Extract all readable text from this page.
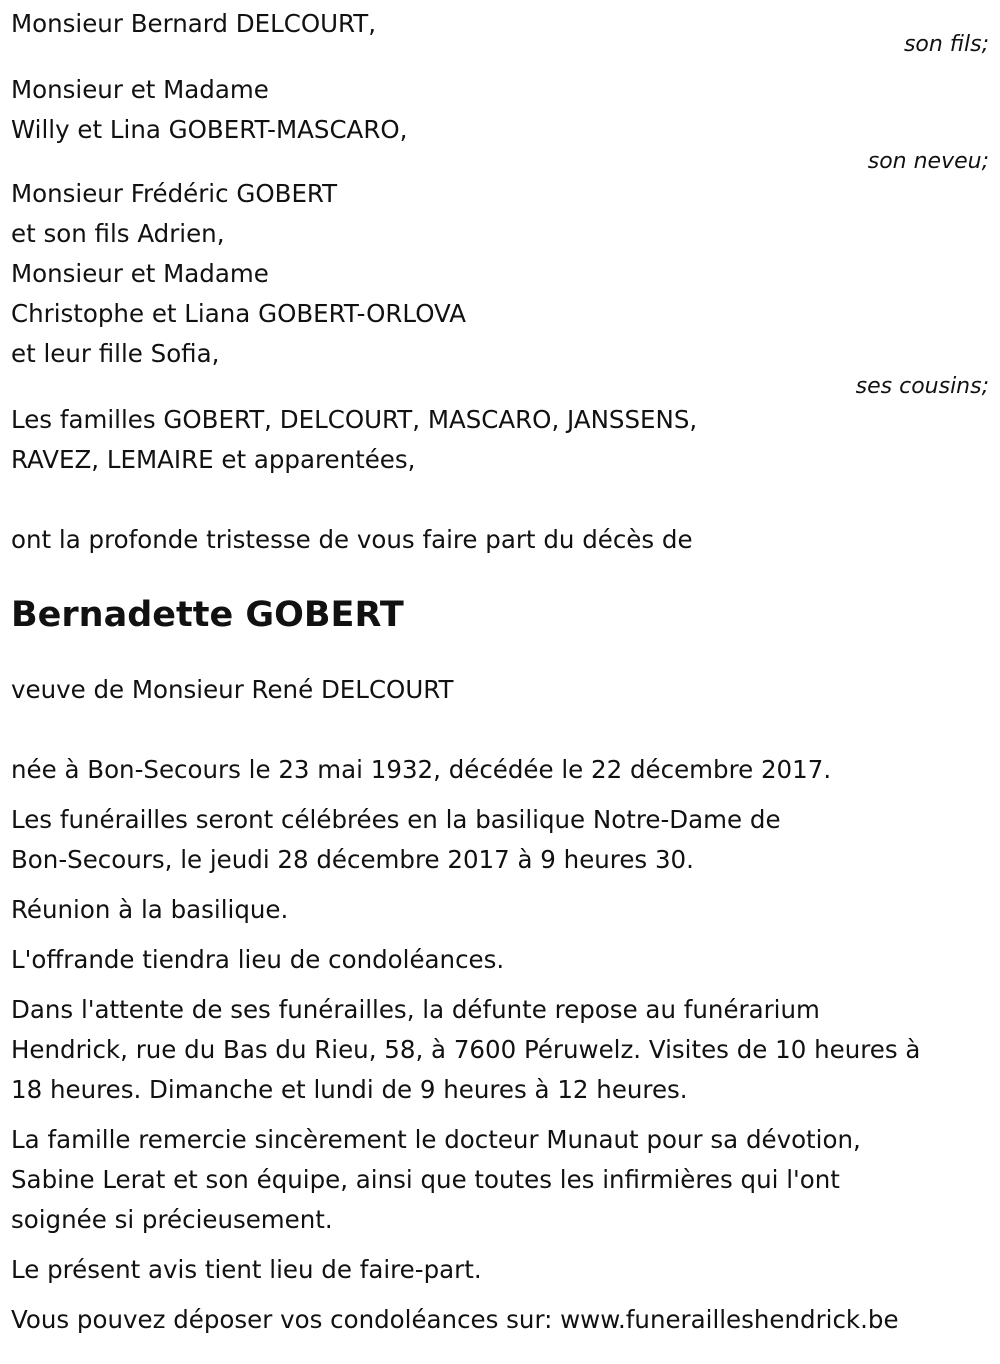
Monsieur Bernard DELCOURT,
son fils;
Monsieur et Madame
Willy et Lina GOBERT-MASCARO,
son neveu;
Monsieur Frédéric GOBERT
et son fils Adrien,
Monsieur et Madame
Christophe et Liana GOBERT-ORLOVA
et leur fille Sofia,
ses cousins;
Les familles GOBERT, DELCOURT, MASCARO, JANSSENS,
RAVEZ, LEMAIRE et apparentées,
ont la profonde tristesse de vous faire part du décès de
Bernadette GOBERT
veuve de Monsieur René DELCOURT
née à Bon-Secours le 23 mai 1932, décédée le 22 décembre 2017.
Les funérailles seront célébrées en la basilique Notre-Dame de
Bon-Secours, le jeudi 28 décembre 2017 à 9 heures 30.
Réunion à la basilique.
L'offrande tiendra lieu de condoléances.
Dans l'attente de ses funérailles, la défunte repose au funérarium
Hendrick, rue du Bas du Rieu, 58, à 7600 Péruwelz. Visites de 10 heures à
18 heures. Dimanche et lundi de 9 heures à 12 heures.
La famille remercie sincèrement le docteur Munaut pour sa dévotion,
Sabine Lerat et son équipe, ainsi que toutes les infirmières qui l'ont
soignée si précieusement.
Le présent avis tient lieu de faire-part.
Vous pouvez déposer vos condoléances sur: www.funerailleshendrick.be
